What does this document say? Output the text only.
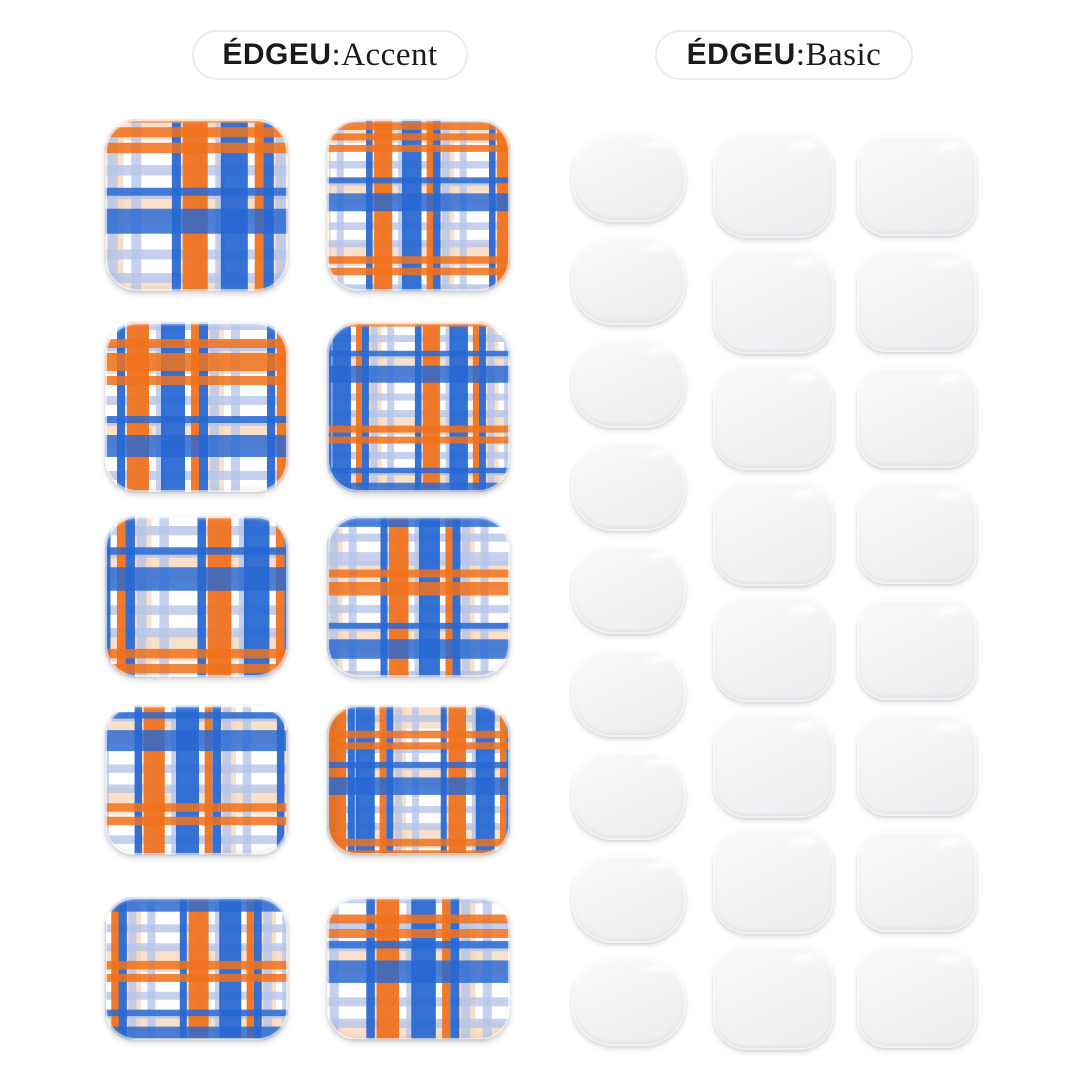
ÉDGEU : Accent	ÉDGEU : Basic
